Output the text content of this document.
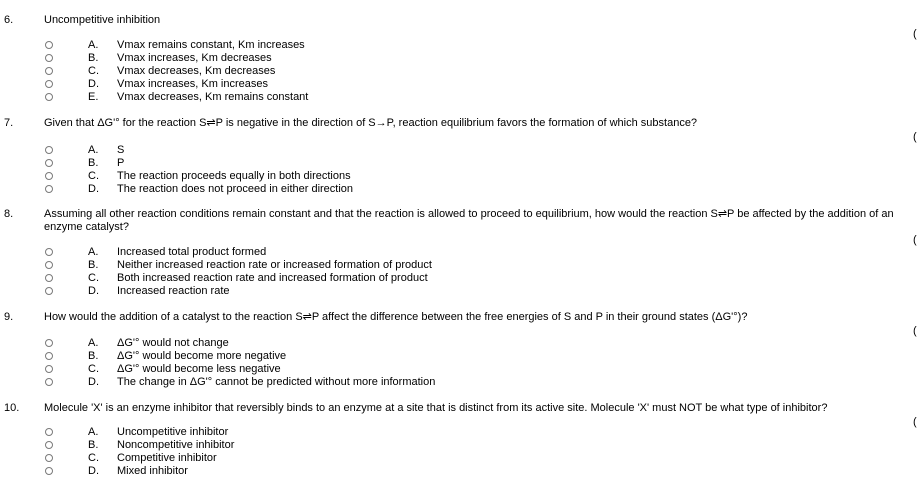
6.	Uncompetitive inhibition
(
A. Vmax remains constant, Km increases
B. Vmax increases, Km decreases
C. Vmax decreases, Km decreases
D. Vmax increases, Km increases
E. Vmax decreases, Km remains constant
7.	Given that ΔG'° for the reaction S⇌P is negative in the direction of S→P, reaction equilibrium favors the formation of which substance?
(
A. S
B. P
C. The reaction proceeds equally in both directions
D. The reaction does not proceed in either direction
8.	Assuming all other reaction conditions remain constant and that the reaction is allowed to proceed to equilibrium, how would the reaction S⇌P be affected by the addition of an enzyme catalyst?
(
A. Increased total product formed
B. Neither increased reaction rate or increased formation of product
C. Both increased reaction rate and increased formation of product
D. Increased reaction rate
9.	How would the addition of a catalyst to the reaction S⇌P affect the difference between the free energies of S and P in their ground states (ΔG'°)?
(
A. ΔG'° would not change
B. ΔG'° would become more negative
C. ΔG'° would become less negative
D. The change in ΔG'° cannot be predicted without more information
10. Molecule 'X' is an enzyme inhibitor that reversibly binds to an enzyme at a site that is distinct from its active site. Molecule 'X' must NOT be what type of inhibitor?
(
A. Uncompetitive inhibitor
B. Noncompetitive inhibitor
C. Competitive inhibitor
D. Mixed inhibitor
